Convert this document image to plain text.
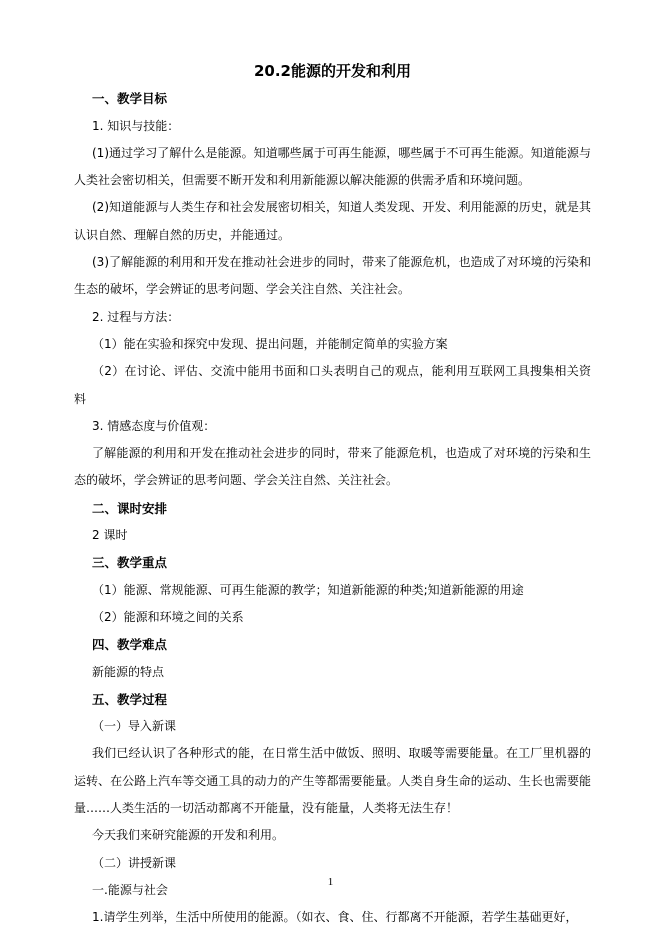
20.2能源的开发和利用

一、教学目标

1. 知识与技能：

(1)通过学习了解什么是能源。知道哪些属于可再生能源，哪些属于不可再生能源。知道能源与人类社会密切相关，但需要不断开发和利用新能源以解决能源的供需矛盾和环境问题。

(2)知道能源与人类生存和社会发展密切相关，知道人类发现、开发、利用能源的历史，就是其认识自然、理解自然的历史，并能通过。

(3)了解能源的利用和开发在推动社会进步的同时，带来了能源危机，也造成了对环境的污染和生态的破坏，学会辨证的思考问题、学会关注自然、关注社会。

2. 过程与方法：

（1）能在实验和探究中发现、提出问题，并能制定简单的实验方案

（2）在讨论、评估、交流中能用书面和口头表明自己的观点，能利用互联网工具搜集相关资料

3. 情感态度与价值观：

了解能源的利用和开发在推动社会进步的同时，带来了能源危机，也造成了对环境的污染和生态的破坏，学会辨证的思考问题、学会关注自然、关注社会。

二、课时安排

2 课时

三、教学重点

（1）能源、常规能源、可再生能源的教学；知道新能源的种类;知道新能源的用途

（2）能源和环境之间的关系

四、教学难点

新能源的特点

五、教学过程

（一）导入新课

我们已经认识了各种形式的能，在日常生活中做饭、照明、取暖等需要能量。在工厂里机器的运转、在公路上汽车等交通工具的动力的产生等都需要能量。人类自身生命的运动、生长也需要能量……人类生活的一切活动都离不开能量，没有能量，人类将无法生存！

今天我们来研究能源的开发和利用。

（二）讲授新课

一.能源与社会

1.请学生列举，生活中所使用的能源。（如衣、食、住、行都离不开能源，若学生基础更好，

1
